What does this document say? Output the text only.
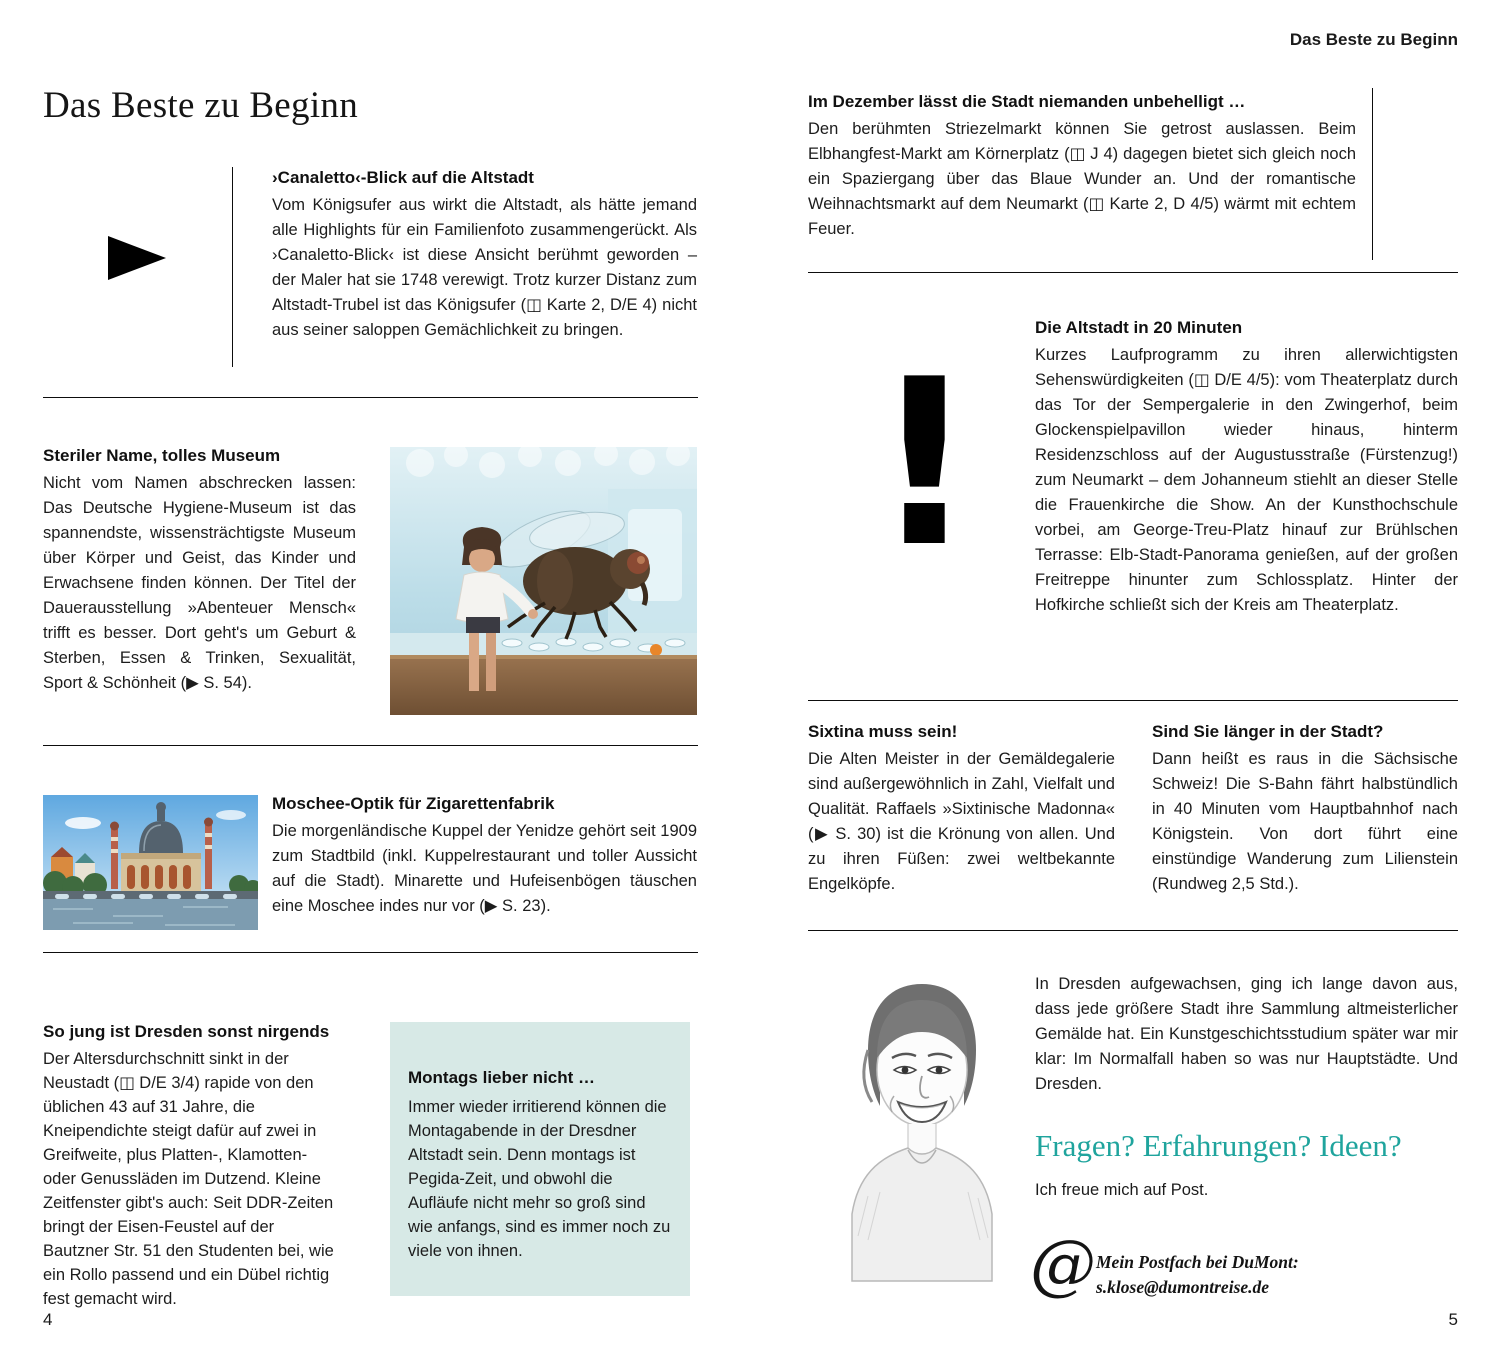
Das Beste zu Beginn
›Canaletto‹-Blick auf die Altstadt

Vom Königsufer aus wirkt die Altstadt, als hätte jemand alle Highlights für ein Familienfoto zusammengerückt. Als ›Canaletto-Blick‹ ist diese Ansicht berühmt geworden – der Maler hat sie 1748 verewigt. Trotz kurzer Distanz zum Altstadt-Trubel ist das Königsufer (◫ Karte 2, D/E 4) nicht aus seiner saloppen Gemächlichkeit zu bringen.

Steriler Name, tolles Museum

Nicht vom Namen abschrecken lassen: Das Deutsche Hygiene-Museum ist das spannendste, wissensträchtigste Museum über Körper und Geist, das Kinder und Erwachsene finden können. Der Titel der Dauerausstellung »Abenteuer Mensch« trifft es besser. Dort geht's um Geburt & Sterben, Essen & Trinken, Sexualität, Sport & Schönheit (▶ S. 54).

Moschee-Optik für Zigarettenfabrik

Die morgenländische Kuppel der Yenidze gehört seit 1909 zum Stadtbild (inkl. Kuppelrestaurant und toller Aussicht auf die Stadt). Minarette und Hufeisenbögen täuschen eine Moschee indes nur vor (▶ S. 23).

So jung ist Dresden sonst nirgends

Der Altersdurchschnitt sinkt in der Neustadt (◫ D/E 3/4) rapide von den üblichen 43 auf 31 Jahre, die Kneipendichte steigt dafür auf zwei in Greifweite, plus Platten-, Klamotten- oder Genussläden im Dutzend. Kleine Zeitfenster gibt's auch: Seit DDR-Zeiten bringt der Eisen-Feustel auf der Bautzner Str. 51 den Studenten bei, wie ein Rollo passend und ein Dübel richtig fest gemacht wird.

Montags lieber nicht …

Immer wieder irritierend können die Montagabende in der Dresdner Altstadt sein. Denn montags ist Pegida-Zeit, und obwohl die Aufläufe nicht mehr so groß sind wie anfangs, sind es immer noch zu viele von ihnen.

4
Das Beste zu Beginn
Im Dezember lässt die Stadt niemanden unbehelligt …

Den berühmten Striezelmarkt können Sie getrost auslassen. Beim Elbhangfest-Markt am Körnerplatz (◫ J 4) dagegen bietet sich gleich noch ein Spaziergang über das Blaue Wunder an. Und der romantische Weihnachtsmarkt auf dem Neumarkt (◫ Karte 2, D 4/5) wärmt mit echtem Feuer.

!
Die Altstadt in 20 Minuten

Kurzes Laufprogramm zu ihren allerwichtigsten Sehenswürdigkeiten (◫ D/E 4/5): vom Theaterplatz durch das Tor der Sempergalerie in den Zwingerhof, beim Glockenspielpavillon wieder hinaus, hinterm Residenzschloss auf der Augustusstraße (Fürstenzug!) zum Neumarkt – dem Johanneum stiehlt an dieser Stelle die Frauenkirche die Show. An der Kunsthochschule vorbei, am George-Treu-Platz hinauf zur Brühlschen Terrasse: Elb-Stadt-Panorama genießen, auf der großen Freitreppe hinunter zum Schlossplatz. Hinter der Hofkirche schließt sich der Kreis am Theaterplatz.

Sixtina muss sein!

Die Alten Meister in der Gemäldegalerie sind außergewöhnlich in Zahl, Vielfalt und Qualität. Raffaels »Sixtinische Madonna« (▶ S. 30) ist die Krönung von allen. Und zu ihren Füßen: zwei weltbekannte Engelköpfe.

Sind Sie länger in der Stadt?

Dann heißt es raus in die Sächsische Schweiz! Die S-Bahn fährt halbstündlich in 40 Minuten vom Hauptbahnhof nach Königstein. Von dort führt eine einstündige Wanderung zum Lilienstein (Rundweg 2,5 Std.).

In Dresden aufgewachsen, ging ich lange davon aus, dass jede größere Stadt ihre Sammlung altmeisterlicher Gemälde hat. Ein Kunstgeschichtsstudium später war mir klar: Im Normalfall haben so was nur Hauptstädte. Und Dresden.

Fragen? Erfahrungen? Ideen?

Ich freue mich auf Post.

@ Mein Postfach bei DuMont:
s.klose@dumontreise.de
5
